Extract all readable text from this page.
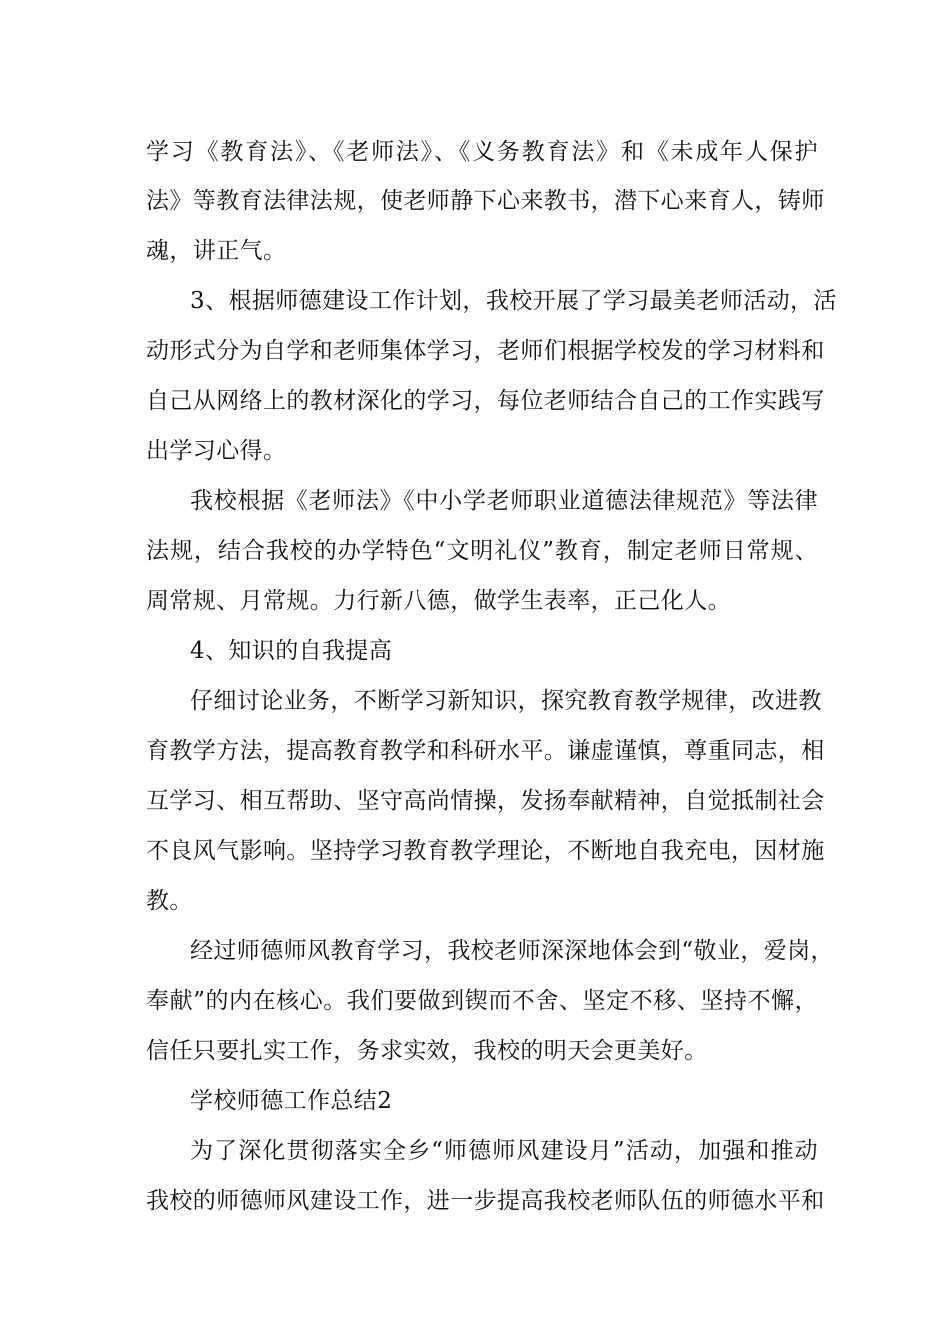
学习《教育法》、《老师法》、《义务教育法》和《未成年人保护
法》等教育法律法规，使老师静下心来教书，潜下心来育人，铸师
魂，讲正气。
3、根据师德建设工作计划，我校开展了学习最美老师活动，活
动形式分为自学和老师集体学习，老师们根据学校发的学习材料和
自己从网络上的教材深化的学习，每位老师结合自己的工作实践写
出学习心得。
我校根据《老师法》《中小学老师职业道德法律规范》等法律
法规，结合我校的办学特色“文明礼仪”教育，制定老师日常规、
周常规、月常规。力行新八德，做学生表率，正己化人。
4、知识的自我提高
仔细讨论业务，不断学习新知识，探究教育教学规律，改进教
育教学方法，提高教育教学和科研水平。谦虚谨慎，尊重同志，相
互学习、相互帮助、坚守高尚情操，发扬奉献精神，自觉抵制社会
不良风气影响。坚持学习教育教学理论，不断地自我充电，因材施
教。
经过师德师风教育学习，我校老师深深地体会到“敬业，爱岗，
奉献”的内在核心。我们要做到锲而不舍、坚定不移、坚持不懈，
信任只要扎实工作，务求实效，我校的明天会更美好。
学校师德工作总结2
为了深化贯彻落实全乡“师德师风建设月”活动，加强和推动
我校的师德师风建设工作，进一步提高我校老师队伍的师德水平和
